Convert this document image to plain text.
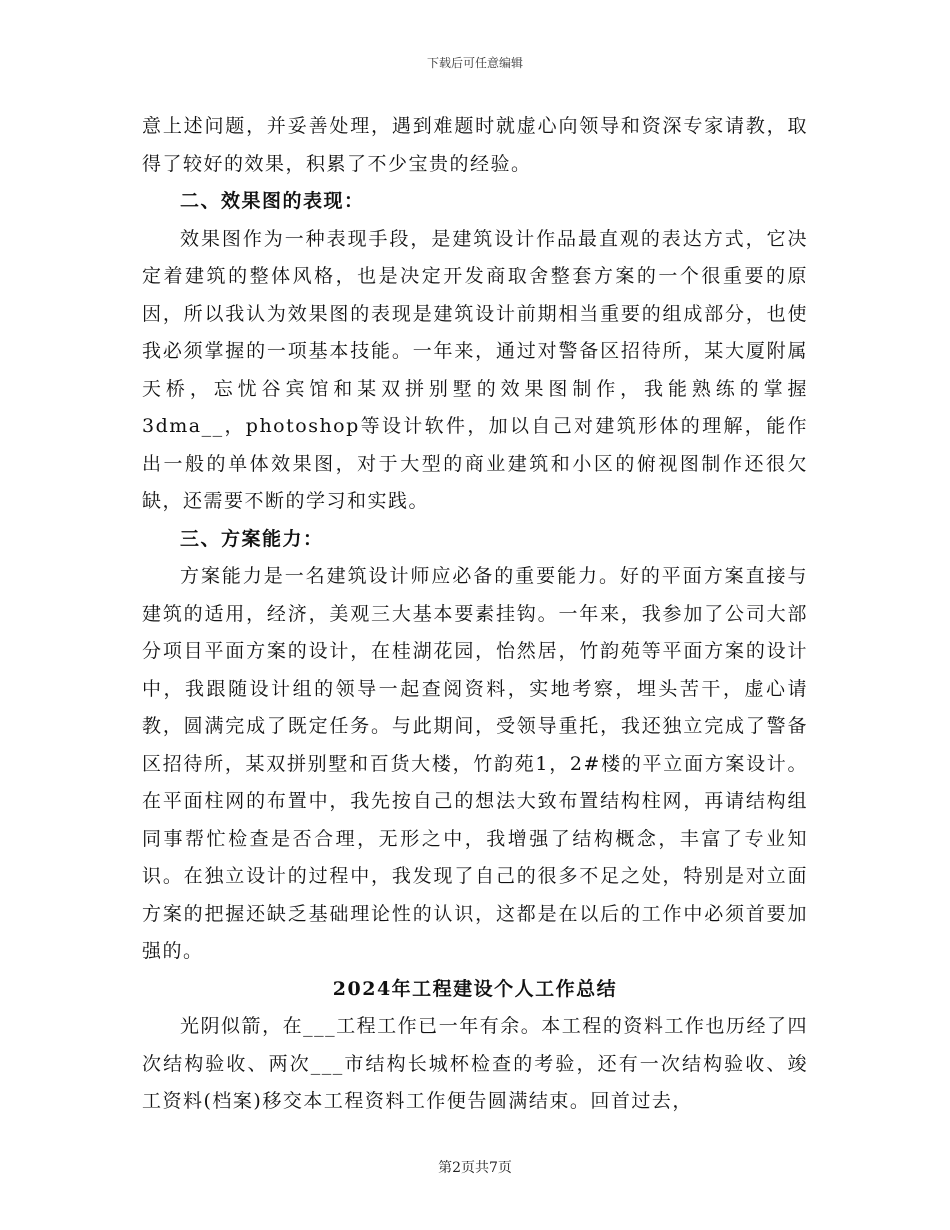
下载后可任意编辑

意上述问题，并妥善处理，遇到难题时就虚心向领导和资深专家请教，取得了较好的效果，积累了不少宝贵的经验。

二、效果图的表现：

效果图作为一种表现手段，是建筑设计作品最直观的表达方式，它决定着建筑的整体风格，也是决定开发商取舍整套方案的一个很重要的原因，所以我认为效果图的表现是建筑设计前期相当重要的组成部分，也使我必须掌握的一项基本技能。一年来，通过对警备区招待所，某大厦附属天桥，忘忧谷宾馆和某双拼别墅的效果图制作，我能熟练的掌握3dma__，photoshop等设计软件，加以自己对建筑形体的理解，能作出一般的单体效果图，对于大型的商业建筑和小区的俯视图制作还很欠缺，还需要不断的学习和实践。

三、方案能力：

方案能力是一名建筑设计师应必备的重要能力。好的平面方案直接与建筑的适用，经济，美观三大基本要素挂钩。一年来，我参加了公司大部分项目平面方案的设计，在桂湖花园，怡然居，竹韵苑等平面方案的设计中，我跟随设计组的领导一起查阅资料，实地考察，埋头苦干，虚心请教，圆满完成了既定任务。与此期间，受领导重托，我还独立完成了警备区招待所，某双拼别墅和百货大楼，竹韵苑1，2#楼的平立面方案设计。在平面柱网的布置中，我先按自己的想法大致布置结构柱网，再请结构组同事帮忙检查是否合理，无形之中，我增强了结构概念，丰富了专业知识。在独立设计的过程中，我发现了自己的很多不足之处，特别是对立面方案的把握还缺乏基础理论性的认识，这都是在以后的工作中必须首要加强的。

2024年工程建设个人工作总结

光阴似箭，在___工程工作已一年有余。本工程的资料工作也历经了四次结构验收、两次___市结构长城杯检查的考验，还有一次结构验收、竣工资料(档案)移交本工程资料工作便告圆满结束。回首过去，

第2页共7页
